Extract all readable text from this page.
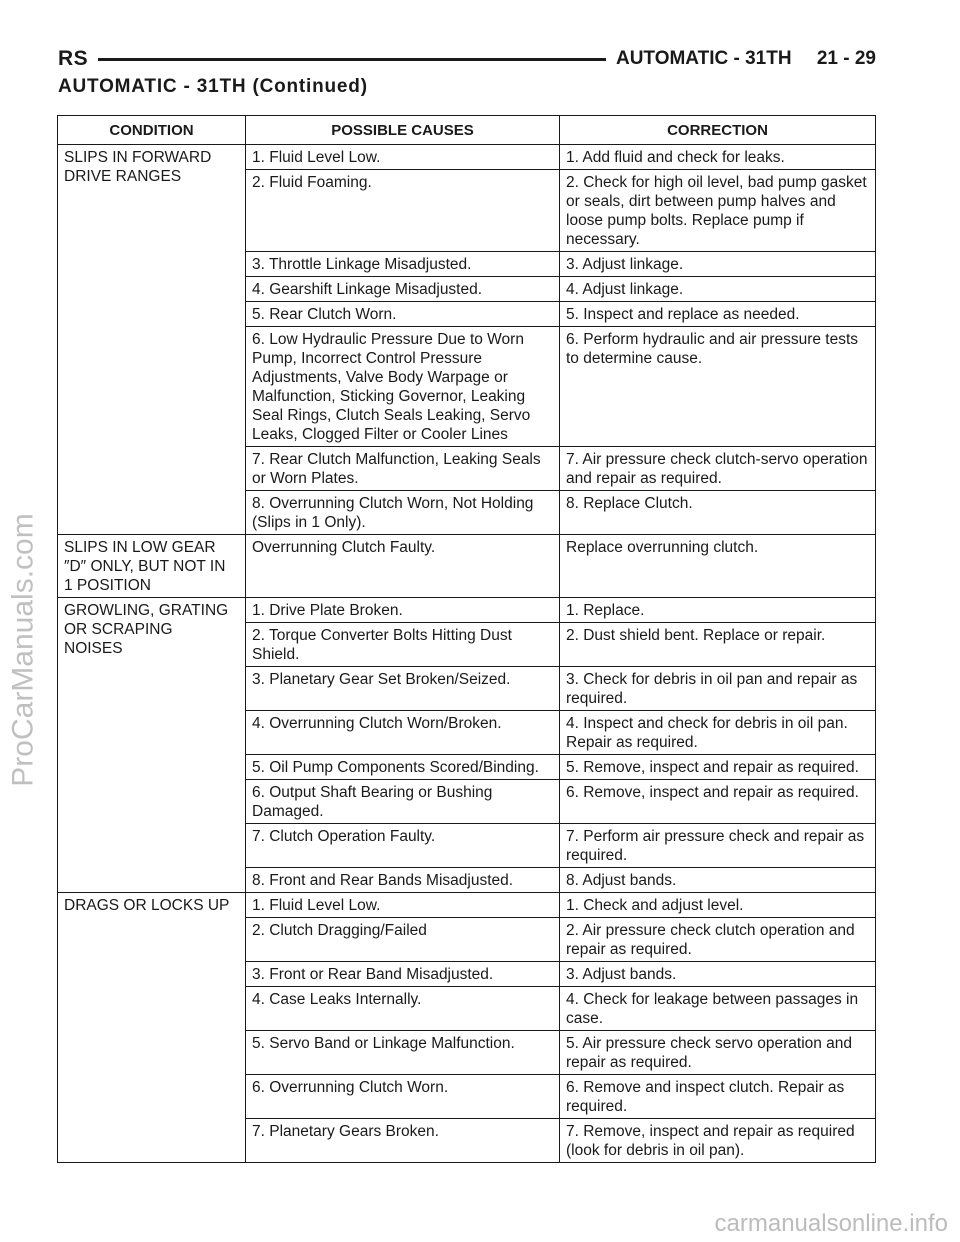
RS	AUTOMATIC - 31TH 21 - 29
AUTOMATIC - 31TH (Continued)
CONDITION	POSSIBLE CAUSES	CORRECTION
SLIPS IN FORWARD
DRIVE RANGES	1. Fluid Level Low.	1. Add fluid and check for leaks.
	2. Fluid Foaming.	2. Check for high oil level, bad pump gasket or seals, dirt between pump halves and loose pump bolts. Replace pump if necessary.
	3. Throttle Linkage Misadjusted.	3. Adjust linkage.
	4. Gearshift Linkage Misadjusted.	4. Adjust linkage.
	5. Rear Clutch Worn.	5. Inspect and replace as needed.
	6. Low Hydraulic Pressure Due to Worn Pump, Incorrect Control Pressure Adjustments, Valve Body Warpage or Malfunction, Sticking Governor, Leaking Seal Rings, Clutch Seals Leaking, Servo Leaks, Clogged Filter or Cooler Lines	6. Perform hydraulic and air pressure tests to determine cause.
	7. Rear Clutch Malfunction, Leaking Seals or Worn Plates.	7. Air pressure check clutch-servo operation and repair as required.
	8. Overrunning Clutch Worn, Not Holding (Slips in 1 Only).	8. Replace Clutch.
SLIPS IN LOW GEAR
″D″ ONLY, BUT NOT IN
1 POSITION	Overrunning Clutch Faulty.	Replace overrunning clutch.
GROWLING, GRATING
OR SCRAPING
NOISES	1. Drive Plate Broken.	1. Replace.
	2. Torque Converter Bolts Hitting Dust Shield.	2. Dust shield bent. Replace or repair.
	3. Planetary Gear Set Broken/Seized.	3. Check for debris in oil pan and repair as required.
	4. Overrunning Clutch Worn/Broken.	4. Inspect and check for debris in oil pan. Repair as required.
	5. Oil Pump Components Scored/Binding.	5. Remove, inspect and repair as required.
	6. Output Shaft Bearing or Bushing Damaged.	6. Remove, inspect and repair as required.
	7. Clutch Operation Faulty.	7. Perform air pressure check and repair as required.
	8. Front and Rear Bands Misadjusted.	8. Adjust bands.
DRAGS OR LOCKS UP	1. Fluid Level Low.	1. Check and adjust level.
	2. Clutch Dragging/Failed	2. Air pressure check clutch operation and repair as required.
	3. Front or Rear Band Misadjusted.	3. Adjust bands.
	4. Case Leaks Internally.	4. Check for leakage between passages in case.
	5. Servo Band or Linkage Malfunction.	5. Air pressure check servo operation and repair as required.
	6. Overrunning Clutch Worn.	6. Remove and inspect clutch. Repair as required.
	7. Planetary Gears Broken.	7. Remove, inspect and repair as required (look for debris in oil pan).
ProCarManuals.com
carmanualsonline.info
